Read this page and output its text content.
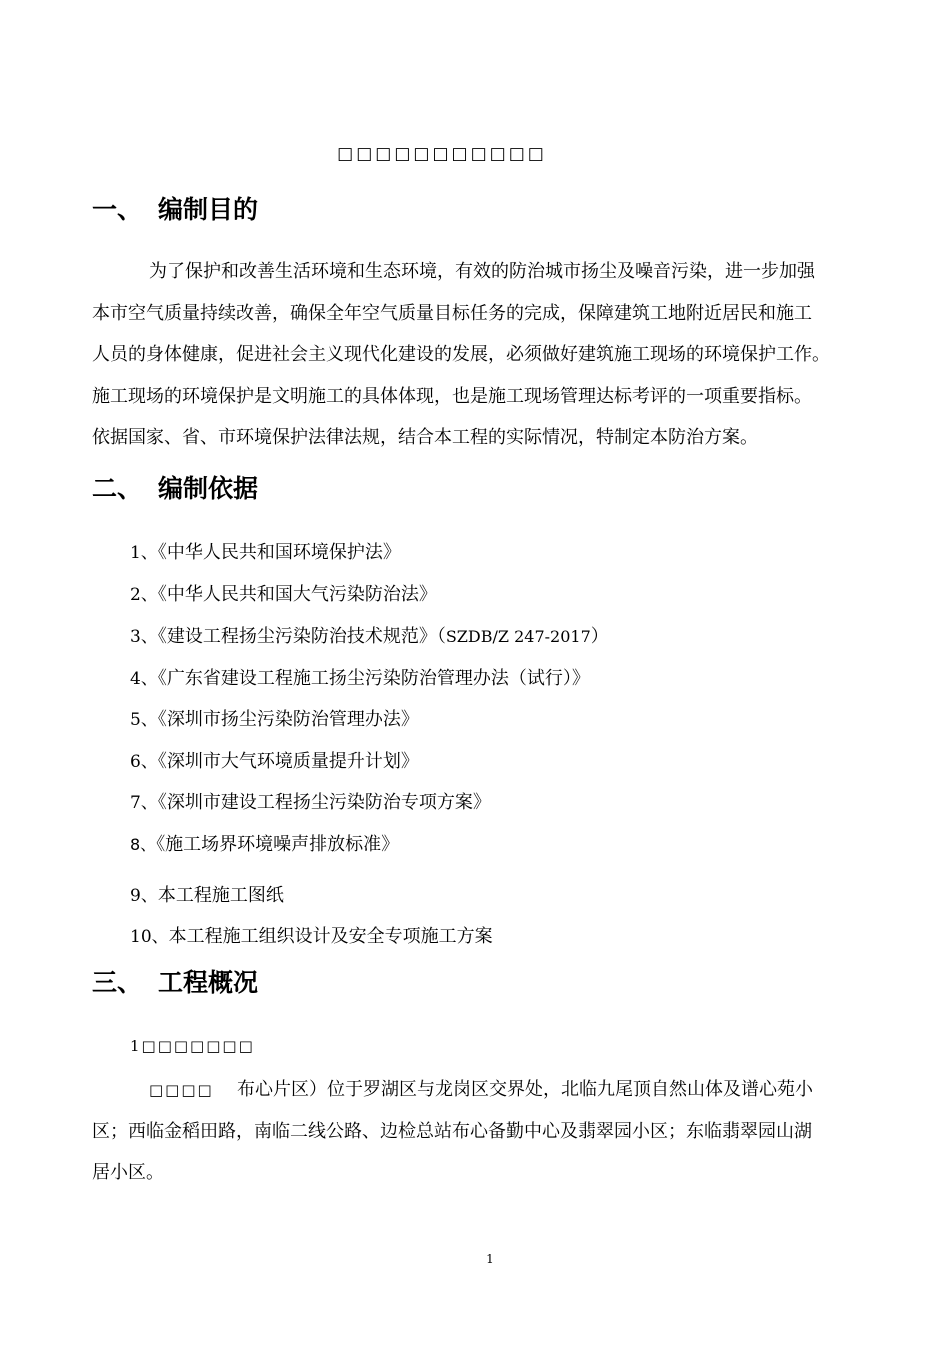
□□□□□□□□□□□
一、 编制目的
为了保护和改善生活环境和生态环境，有效的防治城市扬尘及噪音污染，进一步加强
本市空气质量持续改善，确保全年空气质量目标任务的完成，保障建筑工地附近居民和施工
人员的身体健康，促进社会主义现代化建设的发展，必须做好建筑施工现场的环境保护工作。
施工现场的环境保护是文明施工的具体体现，也是施工现场管理达标考评的一项重要指标。
依据国家、省、市环境保护法律法规，结合本工程的实际情况，特制定本防治方案。
二、 编制依据
1、《中华人民共和国环境保护法》
2、《中华人民共和国大气污染防治法》
3、《建设工程扬尘污染防治技术规范》（SZDB/Z 247-2017）
4、《广东省建设工程施工扬尘污染防治管理办法（试行）》
5、《深圳市扬尘污染防治管理办法》
6、《深圳市大气环境质量提升计划》
7、《深圳市建设工程扬尘污染防治专项方案》
8、《施工场界环境噪声排放标准》
9、本工程施工图纸
10、本工程施工组织设计及安全专项施工方案
三、 工程概况
1□□□□□□□
□□□□ 布心片区）位于罗湖区与龙岗区交界处，北临九尾顶自然山体及谱心苑小
区；西临金稻田路，南临二线公路、边检总站布心备勤中心及翡翠园小区；东临翡翠园山湖
居小区。
1
